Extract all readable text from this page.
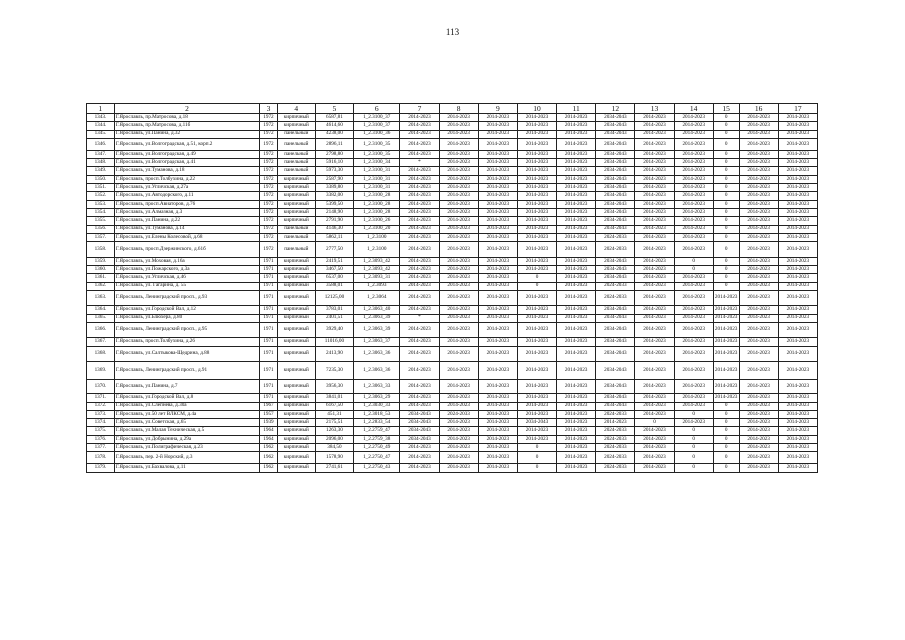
113
1	2	3	4	5	6	7	8	9	10	11	12	13	14	15	16	17
1343.	Г.Ярославль, пр.Матросова, д.18	1972	кирпичный	6587,81	1_2.3100_37	2014-2023	2014-2023	2014-2023	2014-2023	2014-2023	2034-2043	2014-2023	2014-2023	0	2014-2023	2014-2023
1344.	Г.Ярославль, пр.Матросова, д.11б	1972	кирпичный	4614,60	1_2.3100_37	2014-2023	2014-2023	2014-2023	2014-2023	2014-2023	2034-2043	2014-2023	2014-2023	0	2014-2023	2014-2023
1345.	Г.Ярославль, ул.Панина, д.32	1972	панельный	4238,00	1_2.3100_36	2014-2023	2014-2023	2014-2023	2014-2023	2014-2023	2034-2043	2014-2023	2014-2023	0	2014-2023	2014-2023
1346.	Г.Ярославль, ул.Волгоградская, д.51, корп.2	1972	панельный	2896,11	1_2.3100_35	2014-2023	2014-2023	2014-2023	2014-2023	2014-2023	2034-2043	2014-2023	2014-2023	0	2014-2023	2014-2023
1347.	Г.Ярославль, ул.Волгоградская, д.49	1972	панельный	2798,80	1_2.3100_35	2014-2023	2014-2023	2014-2023	2014-2023	2014-2023	2034-2043	2014-2023	2014-2023	0	2014-2023	2014-2023
1348.	Г.Ярославль, ул.Волгоградская, д.41	1972	панельный	5916,10	1_2.3100_34	*	2014-2023	2014-2023	2014-2023	2014-2023	2034-2043	2014-2023	2014-2023	0	2014-2023	2014-2023
1349.	Г.Ярославль, ул.Туманова, д.18	1972	панельный	5973,30	1_2.3100_31	2014-2023	2014-2023	2014-2023	2014-2023	2014-2023	2034-2043	2014-2023	2014-2023	0	2014-2023	2014-2023
1350.	Г.Ярославль, просп.Толбухина, д.22	1972	кирпичный	2587,90	1_2.3100_31	2014-2023	2014-2023	2014-2023	2014-2023	2014-2023	2034-2043	2014-2023	2014-2023	0	2014-2023	2014-2023
1351.	Г.Ярославль, ул.Угличская, д.27а	1972	кирпичный	3389,80	1_2.3100_31	2014-2023	2014-2023	2014-2023	2014-2023	2014-2023	2034-2043	2014-2023	2014-2023	0	2014-2023	2014-2023
1352.	Г.Ярославль, ул.Автодорского, д.11	1972	кирпичный	3382,00	1_2.3100_28	2014-2023	2014-2023	2014-2023	2014-2023	2014-2023	2034-2043	2014-2023	2014-2023	0	2014-2023	2014-2023
1353.	Г.Ярославль, просп.Авиаторов, д.76	1972	кирпичный	5399,50	1_2.3100_28	2014-2023	2014-2023	2014-2023	2014-2023	2014-2023	2034-2043	2014-2023	2014-2023	0	2014-2023	2014-2023
1354.	Г.Ярославль, ул.Алмазная, д.3	1972	кирпичный	2148,90	1_2.3100_28	2014-2023	2014-2023	2014-2023	2014-2023	2014-2023	2034-2043	2014-2023	2014-2023	0	2014-2023	2014-2023
1355.	Г.Ярославль, ул.Панина, д.22	1972	кирпичный	2791,90	1_2.3100_26	2014-2023	2014-2023	2014-2023	2014-2023	2014-2023	2034-2043	2014-2023	2014-2023	0	2014-2023	2014-2023
1356.	Г.Ярославль, ул.Туманова, д.14	1972	панельный	4146,30	1_2.3100_20	2014-2023	2014-2023	2014-2023	2014-2023	2014-2023	2034-2043	2014-2023	2014-2023	0	2014-2023	2014-2023
1357.	Г.Ярославль, ул.Елены Колесовой, д.68	1972	панельный	5862,11	1_2.3100	2014-2023	2014-2023	2014-2023	2014-2023	2014-2023	2024-2033	2014-2023	2014-2023	0	2014-2023	2014-2023
1358.	Г.Ярославль, просп.Дзержинского, д.61б	1972	панельный	2777,50	1_2.3100	2014-2023	2014-2023	2014-2023	2014-2023	2014-2023	2024-2033	2014-2023	2014-2023	0	2014-2023	2014-2023
1359.	Г.Ярославль, ул.Моховая, д.16а	1971	кирпичный	2419,51	1_2.3093_42	2014-2023	2014-2023	2014-2023	2014-2023	2014-2023	2034-2043	2014-2023	0	0	2014-2023	2014-2023
1360.	Г.Ярославль, ул.Пожарского, д.3а	1971	кирпичный	3467,50	1_2.3093_42	2014-2023	2014-2023	2014-2023	2014-2023	2014-2023	2034-2043	2014-2023	0	0	2014-2023	2014-2023
1361.	Г.Ярославль, ул.Угличская, д.46	1971	кирпичный	6537,00	1_2.3093_31	2014-2023	2014-2023	2014-2023	0	2014-2023	2034-2043	2014-2023	2014-2023	0	2014-2023	2014-2023
1362.	Г.Ярославль, ул. Гагарина, д. 55	1971	кирпичный	3588,01	1_2.3093	2014-2023	2014-2023	2014-2023	0	2014-2023	2024-2033	2014-2023	2014-2023	0	2014-2023	2014-2023
1363.	Г.Ярославль, Ленинградский просп., д.93	1971	кирпичный	12125,00	1_2.3064	2014-2023	2014-2023	2014-2023	2014-2023	2014-2023	2024-2033	2014-2023	2014-2023	2014-2023	2014-2023	2014-2023
1364.	Г.Ярославль, ул.Городской Вал, д.12	1971	кирпичный	3783,01	1_2.3063_40	2014-2023	2014-2023	2014-2023	2014-2023	2014-2023	2034-2043	2014-2023	2014-2023	2014-2023	2014-2023	2014-2023
1365.	Г.Ярославль, ул.Блюхера, д.80	1971	кирпичный	2401,51	1_2.3063_39	*	2014-2023	2014-2023	2014-2023	2014-2023	2034-2043	2014-2023	2014-2023	2014-2023	2014-2023	2014-2023
1366.	Г.Ярославль, Ленинградский просп., д.95	1971	кирпичный	3929,40	1_2.3063_39	2014-2023	2014-2023	2014-2023	2014-2023	2014-2023	2034-2043	2014-2023	2014-2023	2014-2023	2014-2023	2014-2023
1367.	Г.Ярославль, просп.Толбухина, д.26	1971	кирпичный	11016,00	1_2.3063_37	2014-2023	2014-2023	2014-2023	2014-2023	2014-2023	2034-2043	2014-2023	2014-2023	2014-2023	2014-2023	2014-2023
1368.	Г.Ярославль, ул.Салтыкова-Щедрина, д.88	1971	кирпичный	2413,90	1_2.3063_36	2014-2023	2014-2023	2014-2023	2014-2023	2014-2023	2034-2043	2014-2023	2014-2023	2014-2023	2014-2023	2014-2023
1369.	Г.Ярославль, Ленинградский просп., д.91	1971	кирпичный	7235,30	1_2.3063_36	2014-2023	2014-2023	2014-2023	2014-2023	2014-2023	2034-2043	2014-2023	2014-2023	2014-2023	2014-2023	2014-2023
1370.	Г.Ярославль, ул.Панина, д.7	1971	кирпичный	3956,30	1_2.3063_33	2014-2023	2014-2023	2014-2023	2014-2023	2014-2023	2034-2043	2014-2023	2014-2023	2014-2023	2014-2023	2014-2023
1371.	Г.Ярославль, ул.Городской Вал, д.8	1971	кирпичный	3841,01	1_2.3063_29	2014-2023	2014-2023	2014-2023	2014-2023	2014-2023	2034-2043	2014-2023	2014-2023	2014-2023	2014-2023	2014-2023
1372.	Г.Ярославль, ул.Слепнева, д.30а	1967	кирпичный	6167,50	1_2.3030_33	2014-2023	2014-2023	2014-2023	2014-2023	2014-2023	2034-2043	2014-2023	2014-2023	0	2014-2023	2014-2023
1373.	Г.Ярославль, ул.50 лет ВЛКСМ, д.4а	1957	кирпичный	451,31	1_2.3018_53	2034-2043	2024-2033	2014-2023	2014-2023	2014-2023	2024-2033	2014-2023	0	0	2014-2023	2014-2023
1374.	Г.Ярославль, ул.Советская, д.65	1939	кирпичный	2175,51	1_2.2833_54	2034-2043	2014-2023	2014-2023	2034-2043	2014-2023	2014-2023	0	2014-2023	0	2014-2023	2014-2023
1375.	Г.Ярославль, ул.Малая Техническая, д.5	1964	кирпичный	1263,30	1_2.2759_47	2034-2043	2014-2023	2014-2023	2014-2023	2014-2023	2024-2033	2014-2023	0	0	2014-2023	2014-2023
1376.	Г.Ярославль, ул.Добрынина, д.29а	1964	кирпичный	2096,00	1_2.2759_38	2034-2043	2014-2023	2014-2023	2014-2023	2014-2023	2024-2033	2014-2023	0	0	2014-2023	2014-2023
1377.	Г.Ярославль, ул.Полиграфическая, д.23	1962	кирпичный	384,50	1_2.2750_49	2014-2023	2014-2023	2014-2023	0	2014-2023	2024-2033	2014-2023	0	0	2014-2023	2014-2023
1378.	Г.Ярославль, пер. 2-й Норский, д.3	1962	кирпичный	1578,90	1_2.2750_47	2014-2023	2014-2023	2014-2023	0	2014-2023	2024-2033	2014-2023	0	0	2014-2023	2014-2023
1379.	Г.Ярославль, ул.Бахвалова, д.11	1962	кирпичный	2741,61	1_2.2750_43	2014-2023	2014-2023	2014-2023	0	2014-2023	2024-2033	2014-2023	0	0	2014-2023	2014-2023
